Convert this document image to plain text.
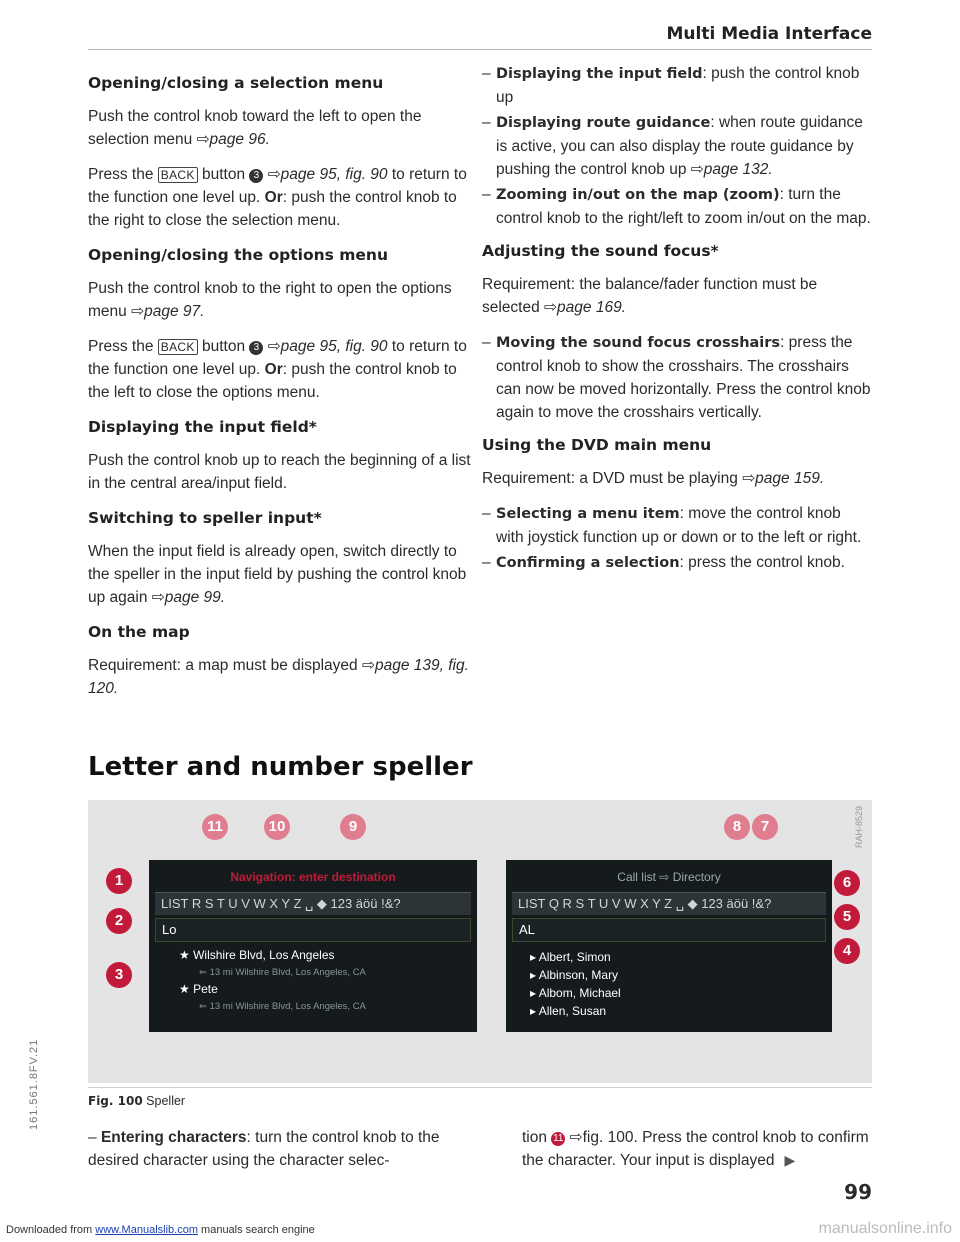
Multi Media Interface
Opening/closing a selection menu

Push the control knob toward the left to open the selection menu ⇨page 96.

Press the BACK button 3 ⇨page 95, fig. 90 to return to the function one level up. Or: push the control knob to the right to close the selection menu.

Opening/closing the options menu

Push the control knob to the right to open the options menu ⇨page 97.

Press the BACK button 3 ⇨page 95, fig. 90 to return to the function one level up. Or: push the control knob to the left to close the options menu.

Displaying the input field*

Push the control knob up to reach the beginning of a list in the central area/input field.

Switching to speller input*

When the input field is already open, switch directly to the speller in the input field by pushing the control knob up again ⇨page 99.

On the map

Requirement: a map must be displayed ⇨page 139, fig. 120.

– Displaying the input field: push the control knob up
– Displaying route guidance: when route guidance is active, you can also display the route guidance by pushing the control knob up ⇨page 132.
– Zooming in/out on the map (zoom): turn the control knob to the right/left to zoom in/out on the map.
Adjusting the sound focus*

Requirement: the balance/fader function must be selected ⇨page 169.

– Moving the sound focus crosshairs: press the control knob to show the crosshairs. The crosshairs can now be moved horizontally. Press the control knob again to move the crosshairs vertically.
Using the DVD main menu

Requirement: a DVD must be playing ⇨page 159.

– Selecting a menu item: move the control knob with joystick function up or down or to the left or right.
– Confirming a selection: press the control knob.
Letter and number speller
RAH-8529
Navigation: enter destination
LIST R S T U V W X Y Z ␣ ◆ 123 äöü !&?
Lo
★ Wilshire Blvd, Los Angeles
⇐ 13 mi Wilshire Blvd, Los Angeles, CA
★ Pete
⇐ 13 mi Wilshire Blvd, Los Angeles, CA
Call list ⇨ Directory
LIST Q R S T U V W X Y Z ␣ ◆ 123 äöü !&?
AL
▸ Albert, Simon
▸ Albinson, Mary
▸ Albom, Michael
▸ Allen, Susan
1
2
3
4
5
6
7
8
9
10
11
Fig. 100 Speller
– Entering characters: turn the control knob to the desired character using the character selec-
tion 11 ⇨fig. 100. Press the control knob to confirm the character. Your input is displayed ▶
161.561.8FV.21
99
Downloaded from www.Manualslib.com manuals search engine	manualsonline.info
